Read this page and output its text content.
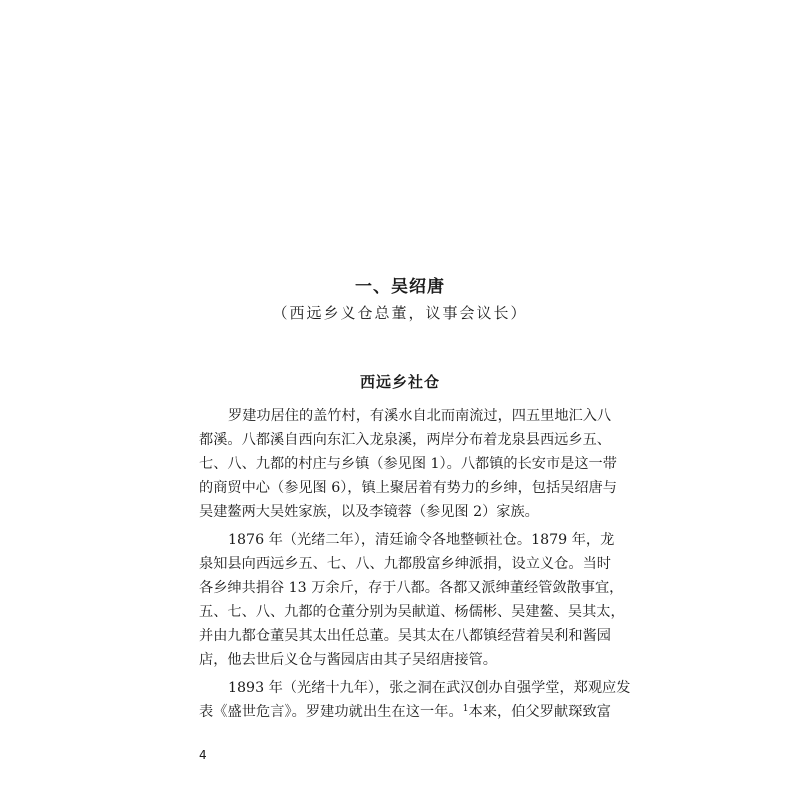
一、吴绍唐

（西远乡义仓总董，议事会议长）

西远乡社仓
罗建功居住的盖竹村，有溪水自北而南流过，四五里地汇入八
都溪。八都溪自西向东汇入龙泉溪，两岸分布着龙泉县西远乡五、
七、八、九都的村庄与乡镇（参见图 1）。八都镇的长安市是这一带
的商贸中心（参见图 6），镇上聚居着有势力的乡绅，包括吴绍唐与
吴建鳌两大吴姓家族，以及李镜蓉（参见图 2）家族。
1876 年（光绪二年），清廷谕令各地整顿社仓。1879 年，龙
泉知县向西远乡五、七、八、九都殷富乡绅派捐，设立义仓。当时
各乡绅共捐谷 13 万余斤，存于八都。各都又派绅董经管敛散事宜，
五、七、八、九都的仓董分别为吴献道、杨儒彬、吴建鳌、吴其太，
并由九都仓董吴其太出任总董。吴其太在八都镇经营着吴利和酱园
店，他去世后义仓与酱园店由其子吴绍唐接管。
1893 年（光绪十九年），张之洞在武汉创办自强学堂，郑观应发
表《盛世危言》。罗建功就出生在这一年。$^1$本来，伯父罗献琛致富

4
